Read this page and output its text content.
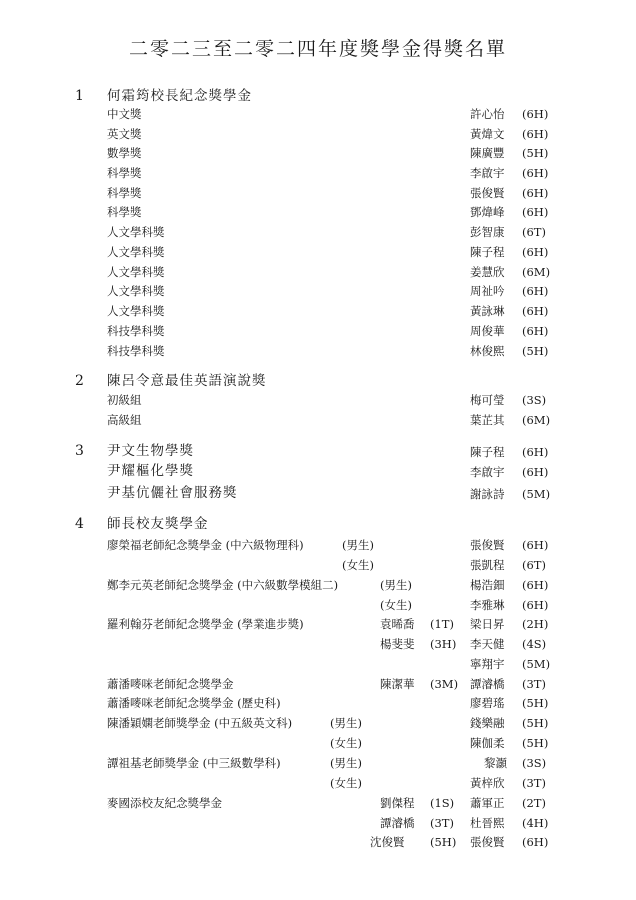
二零二三至二零二四年度獎學金得獎名單
1 何霜筠校長紀念獎學金
中文獎	許心怡 (6H)
英文獎	黃煒文 (6H)
數學獎	陳廣豐 (5H)
科學獎	李啟宇 (6H)
科學獎	張俊賢 (6H)
科學獎	鄧煒峰 (6H)
人文學科獎	彭智康 (6T)
人文學科獎	陳子程 (6H)
人文學科獎	姜慧欣 (6M)
人文學科獎	周祉吟 (6H)
人文學科獎	黃詠琳 (6H)
科技學科獎	周俊華 (6H)
科技學科獎	林俊熙 (5H)
2 陳呂令意最佳英語演說獎
初級組	梅可瑩 (3S)
高級組	葉芷其 (6M)
3 尹文生物學獎	陳子程 (6H)
尹耀樞化學獎	李啟宇 (6H)
尹基伉儷社會服務獎	謝詠詩 (5M)
4 師長校友獎學金
廖榮福老師紀念獎學金 (中六級物理科)	(男生)	張俊賢 (6H)
(女生)	張凱程 (6T)
鄭李元英老師紀念獎學金 (中六級數學模組二)	(男生)	楊浩鈿 (6H)
(女生)	李雅琳 (6H)
羅利翰芬老師紀念獎學金 (學業進步獎)	袁晞喬 (1T) 梁日昇 (2H)
楊斐斐 (3H) 李天健 (4S)
寧翔宇 (5M)
蕭潘嘜咪老師紀念獎學金	陳潔華 (3M) 譚濬橋 (3T)
蕭潘嘜咪老師紀念獎學金 (歷史科)	廖碧瑤 (5H)
陳潘穎嫻老師獎學金 (中五級英文科)	(男生)	錢樂融 (5H)
(女生)	陳伽柔 (5H)
譚祖基老師獎學金 (中三級數學科)	(男生)	黎灝 (3S)
(女生)	黃梓欣 (3T)
麥國添校友紀念獎學金	劉傑程 (1S) 蕭軍正 (2T)
譚濬橋 (3T) 杜晉熙 (4H)
沈俊賢 (5H) 張俊賢 (6H)
